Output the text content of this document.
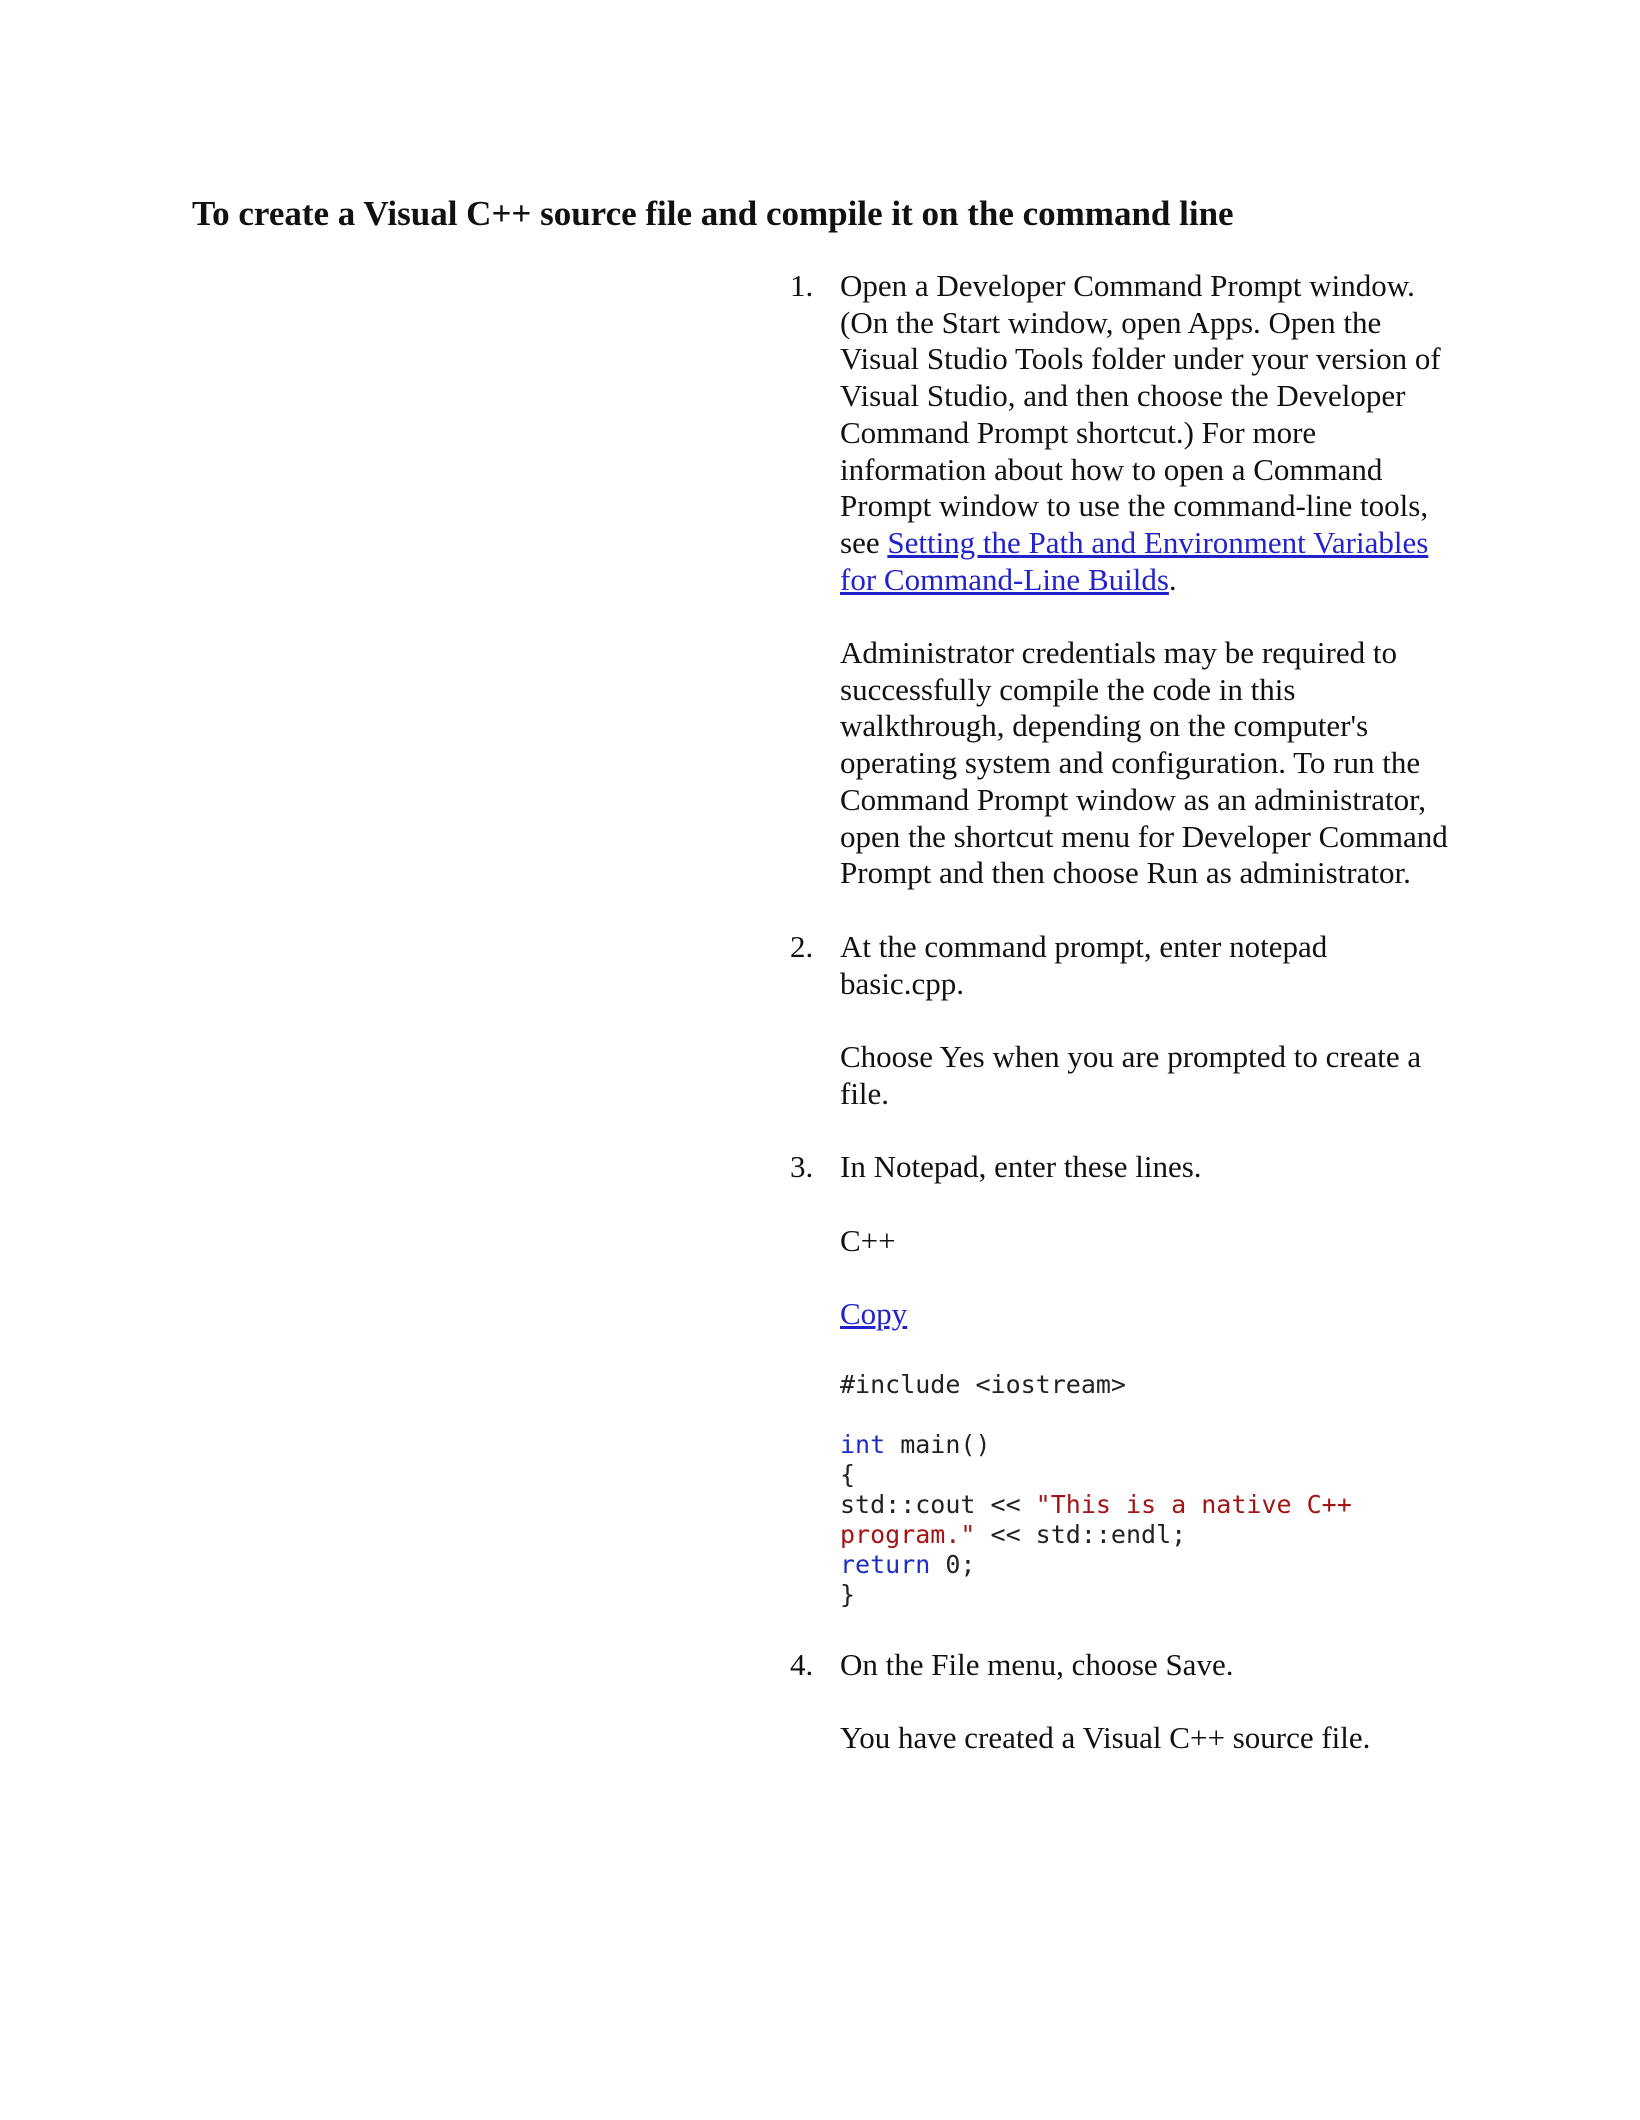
To create a Visual C++ source file and compile it on the command line
1. Open a Developer Command Prompt window. (On the Start window, open Apps. Open the Visual Studio Tools folder under your version of Visual Studio, and then choose the Developer Command Prompt shortcut.) For more information about how to open a Command Prompt window to use the command-line tools, see Setting the Path and Environment Variables for Command-Line Builds.

Administrator credentials may be required to successfully compile the code in this walkthrough, depending on the computer's operating system and configuration. To run the Command Prompt window as an administrator, open the shortcut menu for Developer Command Prompt and then choose Run as administrator.

2. At the command prompt, enter notepad basic.cpp.

Choose Yes when you are prompted to create a file.

3. In Notepad, enter these lines.

C++

Copy

#include <iostream>
int main()
{
std::cout << "This is a native C++
program." << std::endl;
return 0;
}
4. On the File menu, choose Save.

You have created a Visual C++ source file.
